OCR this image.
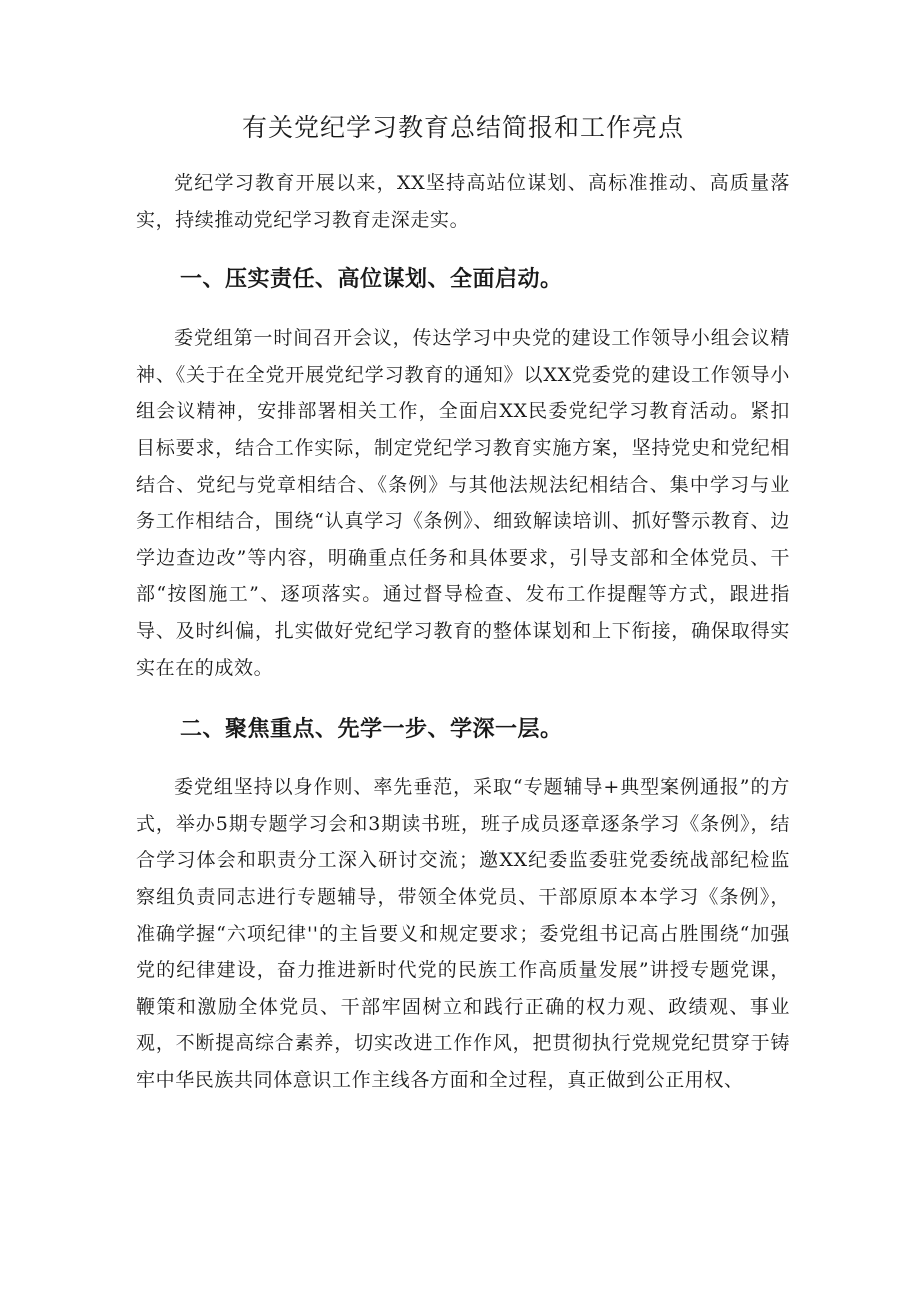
有关党纪学习教育总结简报和工作亮点

党纪学习教育开展以来，XX坚持高站位谋划、高标准推动、高质量落实，持续推动党纪学习教育走深走实。

一、压实责任、高位谋划、全面启动。

委党组第一时间召开会议，传达学习中央党的建设工作领导小组会议精神、《关于在全党开展党纪学习教育的通知》以XX党委党的建设工作领导小组会议精神，安排部署相关工作，全面启XX民委党纪学习教育活动。紧扣目标要求，结合工作实际，制定党纪学习教育实施方案，坚持党史和党纪相结合、党纪与党章相结合、《条例》与其他法规法纪相结合、集中学习与业务工作相结合，围绕“认真学习《条例》、细致解读培训、抓好警示教育、边学边查边改”等内容，明确重点任务和具体要求，引导支部和全体党员、干部“按图施工”、逐项落实。通过督导检查、发布工作提醒等方式，跟进指导、及时纠偏，扎实做好党纪学习教育的整体谋划和上下衔接，确保取得实实在在的成效。

二、聚焦重点、先学一步、学深一层。

委党组坚持以身作则、率先垂范，采取“专题辅导+典型案例通报”的方式，举办5期专题学习会和3期读书班，班子成员逐章逐条学习《条例》，结合学习体会和职责分工深入研讨交流；邀XX纪委监委驻党委统战部纪检监察组负责同志进行专题辅导，带领全体党员、干部原原本本学习《条例》，准确学握“六项纪律''的主旨要义和规定要求；委党组书记高占胜围绕“加强党的纪律建设，奋力推进新时代党的民族工作高质量发展”讲授专题党课，鞭策和激励全体党员、干部牢固树立和践行正确的权力观、政绩观、事业观，不断提高综合素养，切实改进工作作风，把贯彻执行党规党纪贯穿于铸牢中华民族共同体意识工作主线各方面和全过程，真正做到公正用权、
